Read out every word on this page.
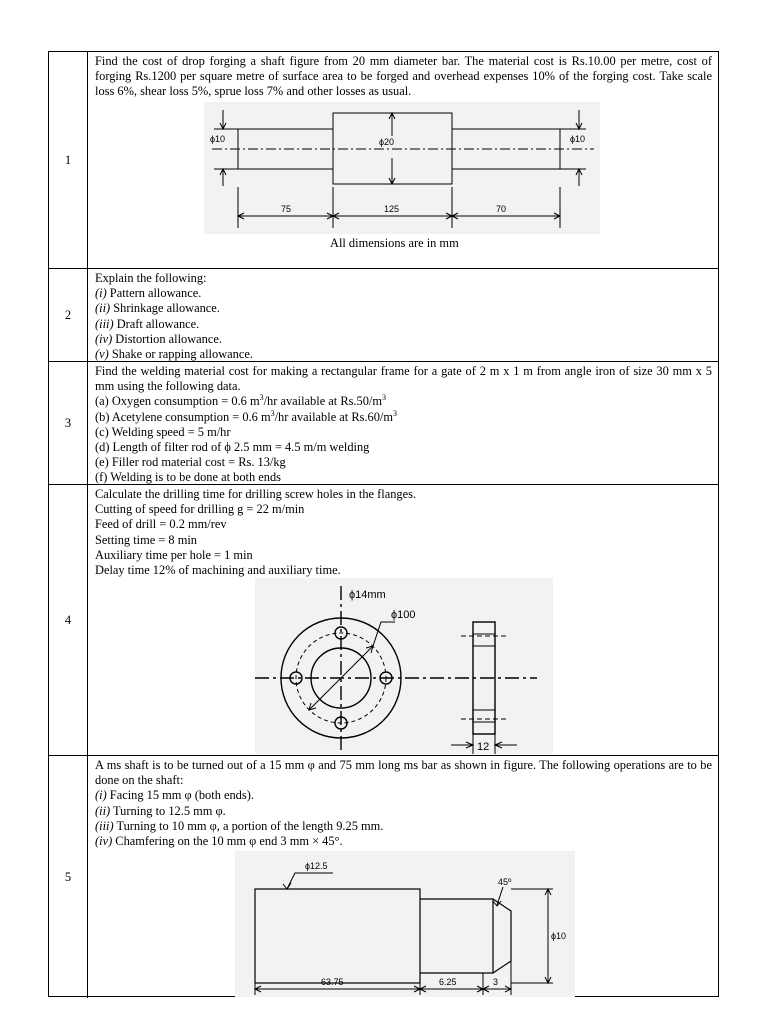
1
Find the cost of drop forging a shaft figure from 20 mm diameter bar. The material cost is Rs.10.00 per metre, cost of forging Rs.1200 per square metre of surface area to be forged and overhead expenses 10% of the forging cost. Take scale loss 6%, shear loss 5%, sprue loss 7% and other losses as usual.
ϕ10	ϕ20	ϕ10
75	125	70
All dimensions are in mm
2
Explain the following:
(i) Pattern allowance.
(ii) Shrinkage allowance.
(iii) Draft allowance.
(iv) Distortion allowance.
(v) Shake or rapping allowance.
3
Find the welding material cost for making a rectangular frame for a gate of 2 m x 1 m from angle iron of size 30 mm x 5 mm using the following data.
(a) Oxygen consumption = 0.6 $m^3/hr$ available at $Rs.50/m^3$
(b) Acetylene consumption = 0.6 $m^3/hr$ available at $Rs.60/m^3$
(c) Welding speed = 5 m/hr
(d) Length of filter rod of ϕ 2.5 mm = 4.5 m/m welding
(e) Filler rod material cost = Rs. 13/kg
(f) Welding is to be done at both ends
4
Calculate the drilling time for drilling screw holes in the flanges.
Cutting of speed for drilling g = 22 m/min
Feed of drill = 0.2 mm/rev
Setting time = 8 min
Auxiliary time per hole = 1 min
Delay time 12% of machining and auxiliary time.
ϕ14mm
ϕ100
12
5
A ms shaft is to be turned out of a 15 mm φ and 75 mm long ms bar as shown in figure. The following operations are to be done on the shaft:
(i) Facing 15 mm φ (both ends).
(ii) Turning to 12.5 mm φ.
(iii) Turning to 10 mm φ, a portion of the length 9.25 mm.
(iv) Chamfering on the 10 mm φ end 3 mm × 45°.
ϕ12.5
45º
ϕ10
63.75	6.25	3
